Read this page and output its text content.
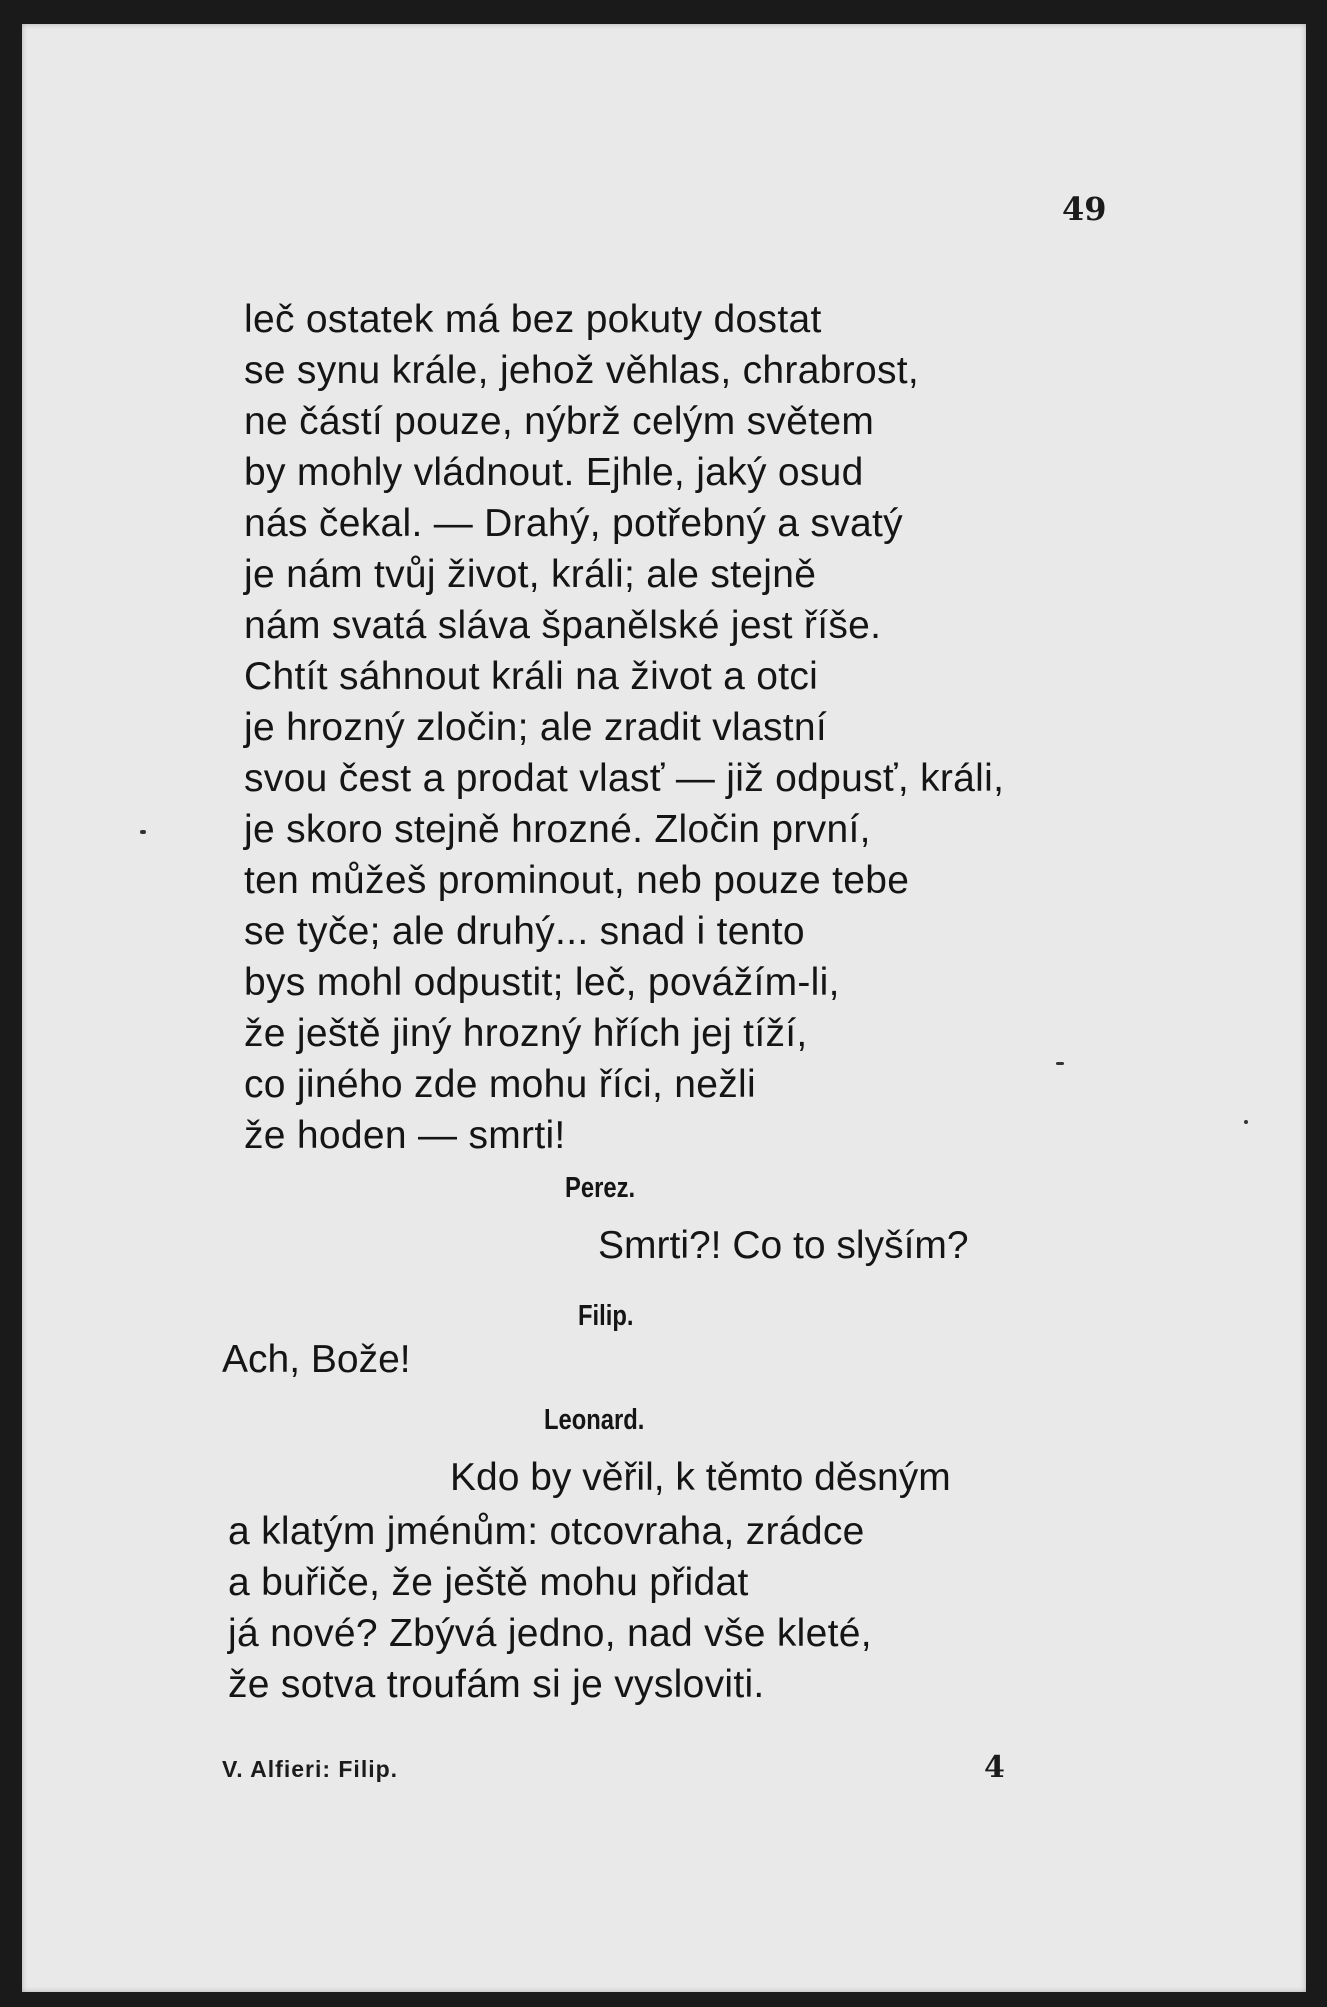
49
leč ostatek má bez pokuty dostat
se synu krále, jehož věhlas, chrabrost,
ne částí pouze, nýbrž celým světem
by mohly vládnout. Ejhle, jaký osud
nás čekal. — Drahý, potřebný a svatý
je nám tvůj život, králi; ale stejně
nám svatá sláva španělské jest říše.
Chtít sáhnout králi na život a otci
je hrozný zločin; ale zradit vlastní
svou čest a prodat vlasť — již odpusť, králi,
je skoro stejně hrozné. Zločin první,
ten můžeš prominout, neb pouze tebe
se tyče; ale druhý... snad i tento
bys mohl odpustit; leč, povážím-li,
že ještě jiný hrozný hřích jej tíží,
co jiného zde mohu říci, nežli
že hoden — smrti!
Perez.
Smrti?! Co to slyším?
Filip.
Ach, Bože!
Leonard.
Kdo by věřil, k těmto děsným
a klatým jménům: otcovraha, zrádce
a buřiče, že ještě mohu přidat
já nové? Zbývá jedno, nad vše kleté,
že sotva troufám si je vysloviti.
V. Alfieri: Filip.	4
